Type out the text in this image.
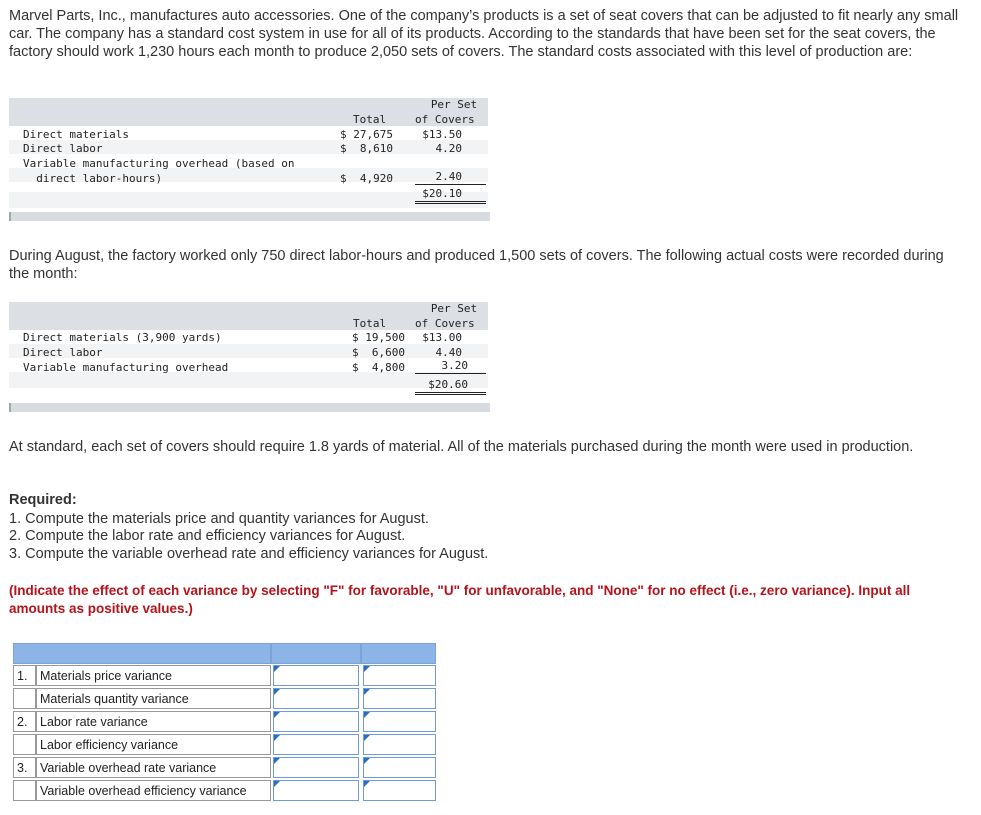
Marvel Parts, Inc., manufactures auto accessories. One of the company’s products is a set of seat covers that can be adjusted to fit nearly any small car. The company has a standard cost system in use for all of its products. According to the standards that have been set for the seat covers, the factory should work 1,230 hours each month to produce 2,050 sets of covers. The standard costs associated with this level of production are:
Per Set
Total	of Covers
Direct materials	$ 27,675	$13.50
Direct labor	$  8,610	4.20
Variable manufacturing overhead (based on
direct labor-hours)	$  4,920	2.40
$20.10
During August, the factory worked only 750 direct labor-hours and produced 1,500 sets of covers. The following actual costs were recorded during the month:
Per Set
Total	of Covers
Direct materials (3,900 yards)	$ 19,500	$13.00
Direct labor	$  6,600	4.40
Variable manufacturing overhead	$  4,800	3.20
$20.60
At standard, each set of covers should require 1.8 yards of material. All of the materials purchased during the month were used in production.
Required:
1. Compute the materials price and quantity variances for August.
2. Compute the labor rate and efficiency variances for August.
3. Compute the variable overhead rate and efficiency variances for August.
(Indicate the effect of each variance by selecting "F" for favorable, "U" for unfavorable, and "None" for no effect (i.e., zero variance). Input all amounts as positive values.)
1.	Materials price variance
Materials quantity variance
2.	Labor rate variance
Labor efficiency variance
3.	Variable overhead rate variance
Variable overhead efficiency variance
